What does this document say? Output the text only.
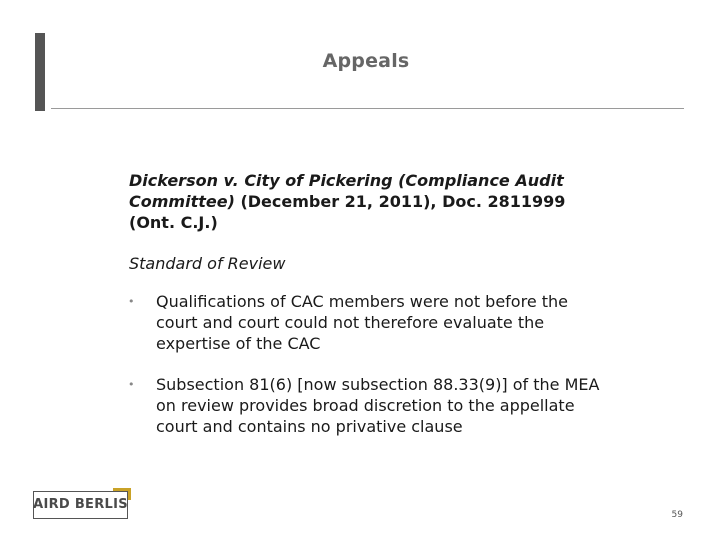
Appeals

Dickerson v. City of Pickering (Compliance Audit Committee) (December 21, 2011), Doc. 2811999 (Ont. C.J.)

Standard of Review

• Qualifications of CAC members were not before the court and court could not therefore evaluate the expertise of the CAC
• Subsection 81(6) [now subsection 88.33(9)] of the MEA on review provides broad discretion to the appellate court and contains no privative clause
AIRD BERLIS
59
